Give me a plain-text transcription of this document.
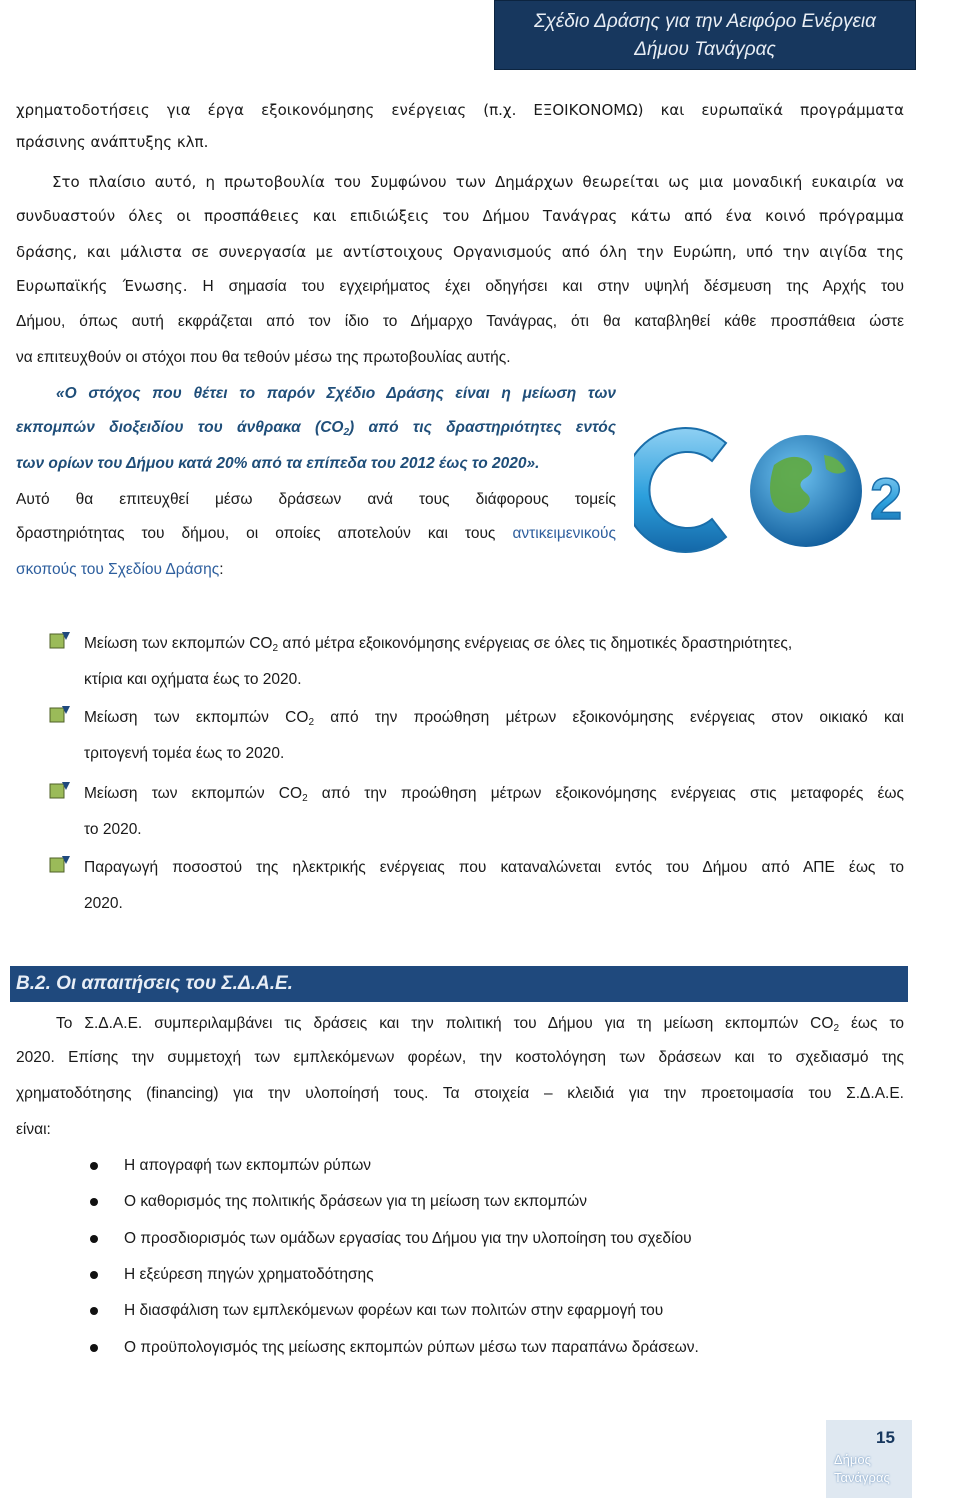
Σχέδιο Δράσης για την Αειφόρο Ενέργεια
Δήμου Τανάγρας
χρηματοδοτήσεις για έργα εξοικονόμησης ενέργειας (π.χ. ΕΞΟΙΚΟΝΟΜΩ) και ευρωπαϊκά προγράμματα
πράσινης ανάπτυξης κλπ.
Στο πλαίσιο αυτό, η πρωτοβουλία του Συμφώνου των Δημάρχων θεωρείται ως μια μοναδική ευκαιρία να
συνδυαστούν όλες οι προσπάθειες και επιδιώξεις του Δήμου Τανάγρας κάτω από ένα κοινό πρόγραμμα
δράσης, και μάλιστα σε συνεργασία με αντίστοιχους Οργανισμούς από όλη την Ευρώπη, υπό την αιγίδα της
Ευρωπαϊκής Ένωσης. Η σημασία του εγχειρήματος έχει οδηγήσει και στην υψηλή δέσμευση της Αρχής του
Δήμου, όπως αυτή εκφράζεται από τον ίδιο το Δήμαρχο Τανάγρας, ότι θα καταβληθεί κάθε προσπάθεια ώστε
να επιτευχθούν οι στόχοι που θα τεθούν μέσω της πρωτοβουλίας αυτής.
«Ο στόχος που θέτει το παρόν Σχέδιο Δράσης είναι η μείωση των
εκπομπών διοξειδίου του άνθρακα $(CO_2)$ από τις δραστηριότητες εντός
των ορίων του Δήμου κατά 20% από τα επίπεδα του 2012 έως το 2020».
Αυτό θα επιτευχθεί μέσω δράσεων ανά τους διάφορους τομείς
δραστηριότητας του δήμου, οι οποίες αποτελούν και τους αντικειμενικούς
σκοπούς του Σχεδίου Δράσης:
2
Μείωση των εκπομπών $CO_2$ από μέτρα εξοικονόμησης ενέργειας σε όλες τις δημοτικές δραστηριότητες,
κτίρια και οχήματα έως το 2020.
Μείωση των εκπομπών $CO_2$ από την προώθηση μέτρων εξοικονόμησης ενέργειας στον οικιακό και
τριτογενή τομέα έως το 2020.
Μείωση των εκπομπών $CO_2$ από την προώθηση μέτρων εξοικονόμησης ενέργειας στις μεταφορές έως
το 2020.
Παραγωγή ποσοστού της ηλεκτρικής ενέργειας που καταναλώνεται εντός του Δήμου από ΑΠΕ έως το
2020.
Β.2. Οι απαιτήσεις του Σ.Δ.Α.Ε.
Το Σ.Δ.Α.Ε. συμπεριλαμβάνει τις δράσεις και την πολιτική του Δήμου για τη μείωση εκπομπών $CO_2$ έως το
2020. Επίσης την συμμετοχή των εμπλεκόμενων φορέων, την κοστολόγηση των δράσεων και το σχεδιασμό της
χρηματοδότησης (financing) για την υλοποίησή τους. Τα στοιχεία – κλειδιά για την προετοιμασία του Σ.Δ.Α.Ε.
είναι:
Η απογραφή των εκπομπών ρύπων
Ο καθορισμός της πολιτικής δράσεων για τη μείωση των εκπομπών
Ο προσδιορισμός των ομάδων εργασίας του Δήμου για την υλοποίηση του σχεδίου
Η εξεύρεση πηγών χρηματοδότησης
Η διασφάλιση των εμπλεκόμενων φορέων και των πολιτών στην εφαρμογή του
Ο προϋπολογισμός της μείωσης εκπομπών ρύπων μέσω των παραπάνω δράσεων.
15
Δήμος
Τανάγρας
